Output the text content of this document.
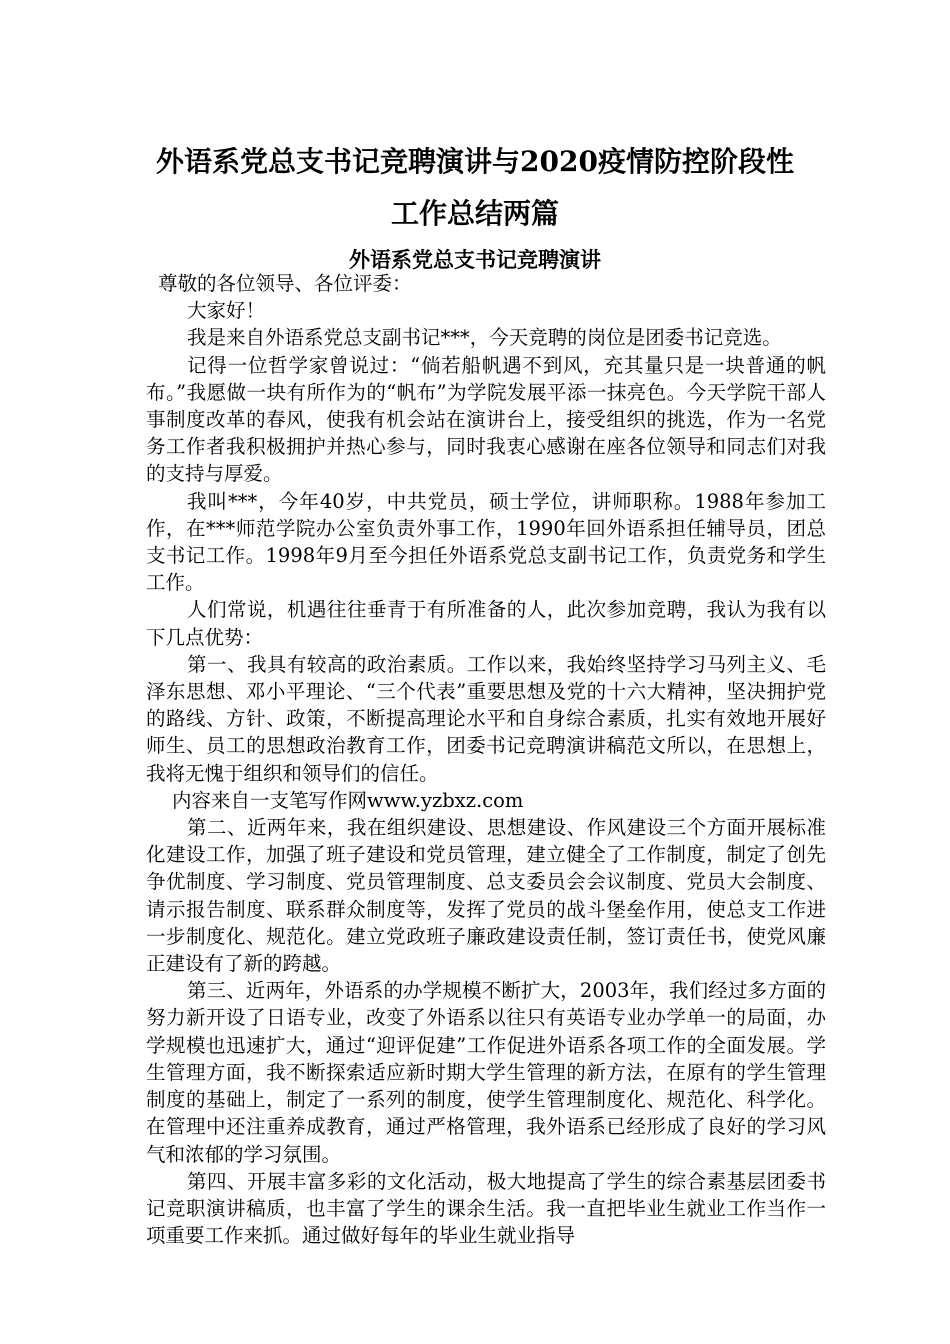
外语系党总支书记竞聘演讲与2020疫情防控阶段性
工作总结两篇
外语系党总支书记竞聘演讲

尊敬的各位领导、各位评委：

大家好！

我是来自外语系党总支副书记***，今天竞聘的岗位是团委书记竞选。

记得一位哲学家曾说过：“倘若船帆遇不到风，充其量只是一块普通的帆布。”我愿做一块有所作为的“帆布”为学院发展平添一抹亮色。今天学院干部人事制度改革的春风，使我有机会站在演讲台上，接受组织的挑选，作为一名党务工作者我积极拥护并热心参与，同时我衷心感谢在座各位领导和同志们对我的支持与厚爱。

我叫***，今年40岁，中共党员，硕士学位，讲师职称。1988年参加工作，在***师范学院办公室负责外事工作，1990年回外语系担任辅导员，团总支书记工作。1998年9月至今担任外语系党总支副书记工作，负责党务和学生工作。

人们常说，机遇往往垂青于有所准备的人，此次参加竞聘，我认为我有以下几点优势：

第一、我具有较高的政治素质。工作以来，我始终坚持学习马列主义、毛泽东思想、邓小平理论、“三个代表”重要思想及党的十六大精神，坚决拥护党的路线、方针、政策，不断提高理论水平和自身综合素质，扎实有效地开展好师生、员工的思想政治教育工作，团委书记竞聘演讲稿范文所以，在思想上，我将无愧于组织和领导们的信任。

内容来自一支笔写作网www.yzbxz.com

第二、近两年来，我在组织建设、思想建设、作风建设三个方面开展标准化建设工作，加强了班子建设和党员管理，建立健全了工作制度，制定了创先争优制度、学习制度、党员管理制度、总支委员会会议制度、党员大会制度、请示报告制度、联系群众制度等，发挥了党员的战斗堡垒作用，使总支工作进一步制度化、规范化。建立党政班子廉政建设责任制，签订责任书，使党风廉正建设有了新的跨越。

第三、近两年，外语系的办学规模不断扩大，2003年，我们经过多方面的努力新开设了日语专业，改变了外语系以往只有英语专业办学单一的局面，办学规模也迅速扩大，通过“迎评促建”工作促进外语系各项工作的全面发展。学生管理方面，我不断探索适应新时期大学生管理的新方法，在原有的学生管理制度的基础上，制定了一系列的制度，使学生管理制度化、规范化、科学化。在管理中还注重养成教育，通过严格管理，我外语系已经形成了良好的学习风气和浓郁的学习氛围。

第四、开展丰富多彩的文化活动，极大地提高了学生的综合素基层团委书记竞职演讲稿质，也丰富了学生的课余生活。我一直把毕业生就业工作当作一项重要工作来抓。通过做好每年的毕业生就业指导
